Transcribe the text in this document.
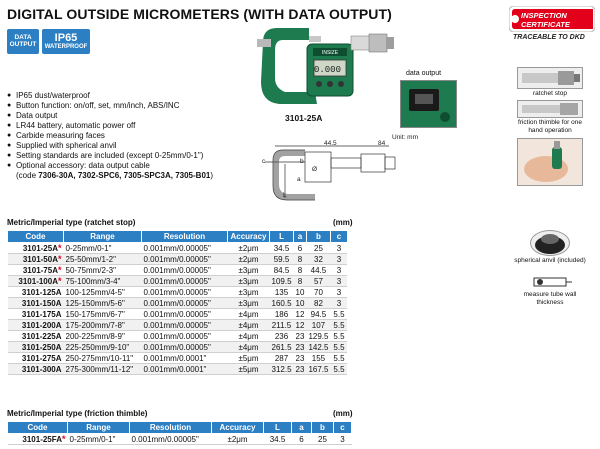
DIGITAL OUTSIDE MICROMETERS (WITH DATA OUTPUT)
DATA
OUTPUT
IP65
WATERPROOF
INSPECTION
CERTIFICATE
TRACEABLE TO DKD
INSIZE
0.000
3101-25A
data output
● IP65 dust/waterproof
● Button function: on/off, set, mm/inch, ABS/INC
● Data output
● LR44 battery, automatic power off
● Carbide measuring faces
● Supplied with spherical anvil
● Setting standards are included (except 0-25mm/0-1")
● Optional accessory: data output cable
(code 7306-30A, 7302-SPC6, 7305-SPC3A, 7305-B01)
44.5	84
Unit: mm
b
a
L
c
Ø
ratchet stop
friction thimble for one hand operation
spherical anvil (included)
measure tube wall thickness
Metric/Imperial type (ratchet stop)	(mm)
Code	Range	Resolution	Accuracy	L	a	b	c
3101-25A*	0-25mm/0-1"	0.001mm/0.00005"	±2μm	34.5	6	25	3
3101-50A*	25-50mm/1-2"	0.001mm/0.00005"	±2μm	59.5	8	32	3
3101-75A*	50-75mm/2-3"	0.001mm/0.00005"	±3μm	84.5	8	44.5	3
3101-100A*	75-100mm/3-4"	0.001mm/0.00005"	±3μm	109.5	8	57	3
3101-125A	100-125mm/4-5"	0.001mm/0.00005"	±3μm	135	10	70	3
3101-150A	125-150mm/5-6"	0.001mm/0.00005"	±3μm	160.5	10	82	3
3101-175A	150-175mm/6-7"	0.001mm/0.00005"	±4μm	186	12	94.5	5.5
3101-200A	175-200mm/7-8"	0.001mm/0.00005"	±4μm	211.5	12	107	5.5
3101-225A	200-225mm/8-9"	0.001mm/0.00005"	±4μm	236	23	129.5	5.5
3101-250A	225-250mm/9-10"	0.001mm/0.00005"	±4μm	261.5	23	142.5	5.5
3101-275A	250-275mm/10-11"	0.001mm/0.0001"	±5μm	287	23	155	5.5
3101-300A	275-300mm/11-12"	0.001mm/0.0001"	±5μm	312.5	23	167.5	5.5
Metric/Imperial type (friction thimble)	(mm)
Code	Range	Resolution	Accuracy	L	a	b	c
3101-25FA*	0-25mm/0-1"	0.001mm/0.00005"	±2μm	34.5	6	25	3
